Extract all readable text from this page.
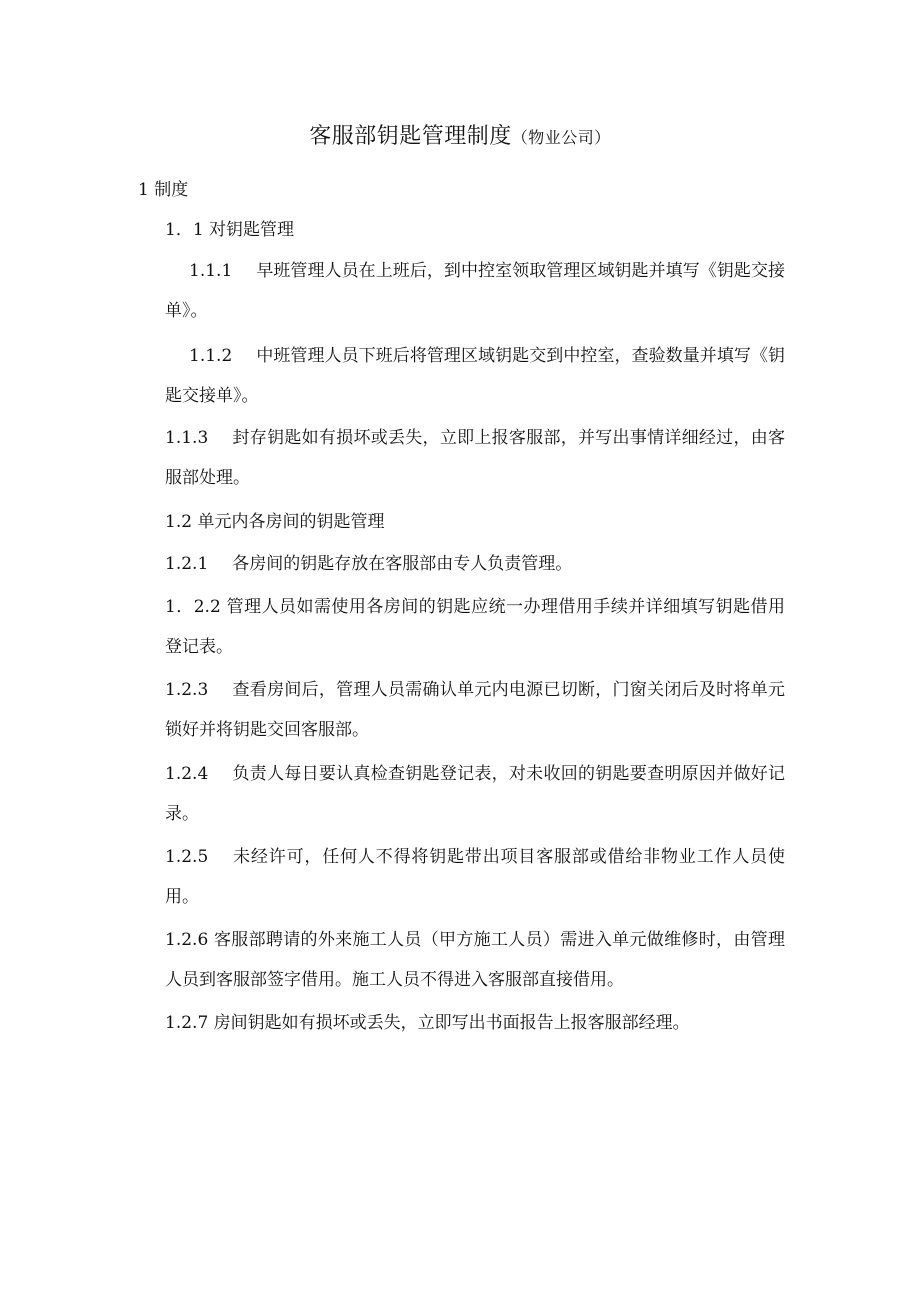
客服部钥匙管理制度（物业公司）
1 制度
1．1 对钥匙管理
1.1.1 早班管理人员在上班后，到中控室领取管理区域钥匙并填写《钥匙交接单》。
1.1.2 中班管理人员下班后将管理区域钥匙交到中控室，查验数量并填写《钥匙交接单》。
1.1.3 封存钥匙如有损坏或丢失，立即上报客服部，并写出事情详细经过，由客服部处理。
1.2 单元内各房间的钥匙管理
1.2.1 各房间的钥匙存放在客服部由专人负责管理。
1．2.2 管理人员如需使用各房间的钥匙应统一办理借用手续并详细填写钥匙借用登记表。
1.2.3 查看房间后，管理人员需确认单元内电源已切断，门窗关闭后及时将单元锁好并将钥匙交回客服部。
1.2.4 负责人每日要认真检查钥匙登记表，对未收回的钥匙要查明原因并做好记录。
1.2.5 未经许可，任何人不得将钥匙带出项目客服部或借给非物业工作人员使用。
1.2.6 客服部聘请的外来施工人员（甲方施工人员）需进入单元做维修时，由管理人员到客服部签字借用。施工人员不得进入客服部直接借用。
1.2.7 房间钥匙如有损坏或丢失，立即写出书面报告上报客服部经理。
